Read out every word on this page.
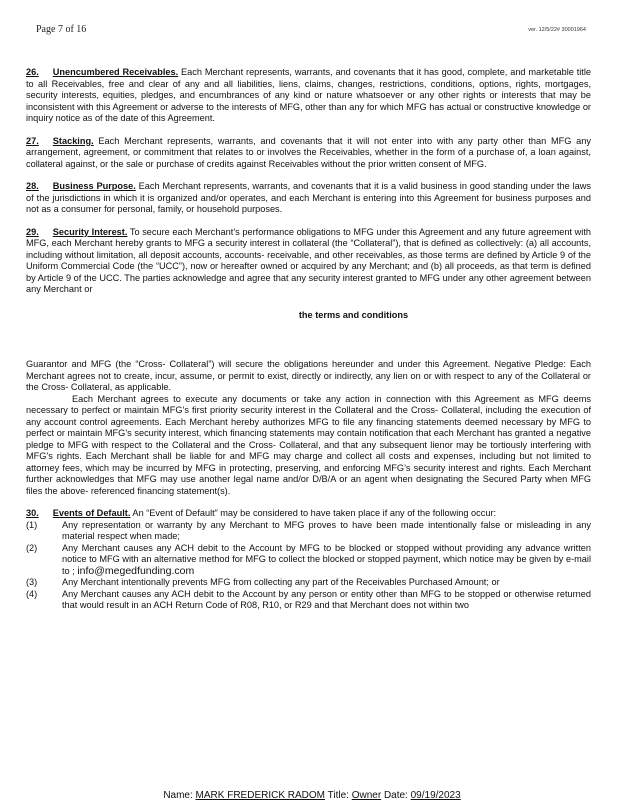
Page 7 of 16	ver. 12/5/22# 30001964

26. Unencumbered Receivables. Each Merchant represents, warrants, and covenants that it has good, complete, and marketable title to all Receivables, free and clear of any and all liabilities, liens, claims, changes, restrictions, conditions, options, rights, mortgages, security interests, equities, pledges, and encumbrances of any kind or nature whatsoever or any other rights or interests that may be inconsistent with this Agreement or adverse to the interests of MFG, other than any for which MFG has actual or constructive knowledge or inquiry notice as of the date of this Agreement.

27. Stacking. Each Merchant represents, warrants, and covenants that it will not enter into with any party other than MFG any arrangement, agreement, or commitment that relates to or involves the Receivables, whether in the form of a purchase of, a loan against, collateral against, or the sale or purchase of credits against Receivables without the prior written consent of MFG.

28. Business Purpose. Each Merchant represents, warrants, and covenants that it is a valid business in good standing under the laws of the jurisdictions in which it is organized and/or operates, and each Merchant is entering into this Agreement for business purposes and not as a consumer for personal, family, or household purposes.

29. Security Interest. To secure each Merchant’s performance obligations to MFG under this Agreement and any future agreement with MFG, each Merchant hereby grants to MFG a security interest in collateral (the “Collateral”), that is defined as collectively: (a) all accounts, including without limitation, all deposit accounts, accounts- receivable, and other receivables, as those terms are defined by Article 9 of the Uniform Commercial Code (the “UCC”), now or hereafter owned or acquired by any Merchant; and (b) all proceeds, as that term is defined by Article 9 of the UCC. The parties acknowledge and agree that any security interest granted to MFG under any other agreement between any Merchant or

the terms and conditions

Guarantor and MFG (the “Cross- Collateral”) will secure the obligations hereunder and under this Agreement. Negative Pledge: Each Merchant agrees not to create, incur, assume, or permit to exist, directly or indirectly, any lien on or with respect to any of the Collateral or the Cross- Collateral, as applicable.

Each Merchant agrees to execute any documents or take any action in connection with this Agreement as MFG deems necessary to perfect or maintain MFG’s first priority security interest in the Collateral and the Cross- Collateral, including the execution of any account control agreements. Each Merchant hereby authorizes MFG to file any financing statements deemed necessary by MFG to perfect or maintain MFG’s security interest, which financing statements may contain notification that each Merchant has granted a negative pledge to MFG with respect to the Collateral and the Cross- Collateral, and that any subsequent lienor may be tortiously interfering with MFG’s rights. Each Merchant shall be liable for and MFG may charge and collect all costs and expenses, including but not limited to attorney fees, which may be incurred by MFG in protecting, preserving, and enforcing MFG’s security interest and rights. Each Merchant further acknowledges that MFG may use another legal name and/or D/B/A or an agent when designating the Secured Party when MFG files the above- referenced financing statement(s).

30. Events of Default. An “Event of Default” may be considered to have taken place if any of the following occur:

(1)	Any representation or warranty by any Merchant to MFG proves to have been made intentionally false or misleading in any material respect when made;
(2)	Any Merchant causes any ACH debit to the Account by MFG to be blocked or stopped without providing any advance written notice to MFG with an alternative method for MFG to collect the blocked or stopped payment, which notice may be given by e-mail to ; info@megedfunding.com
(3)	Any Merchant intentionally prevents MFG from collecting any part of the Receivables Purchased Amount; or
(4)	Any Merchant causes any ACH debit to the Account by any person or entity other than MFG to be stopped or otherwise returned that would result in an ACH Return Code of R08, R10, or R29 and that Merchant does not within two
Name: MARK FREDERICK RADOM Title: Owner Date: 09/19/2023
